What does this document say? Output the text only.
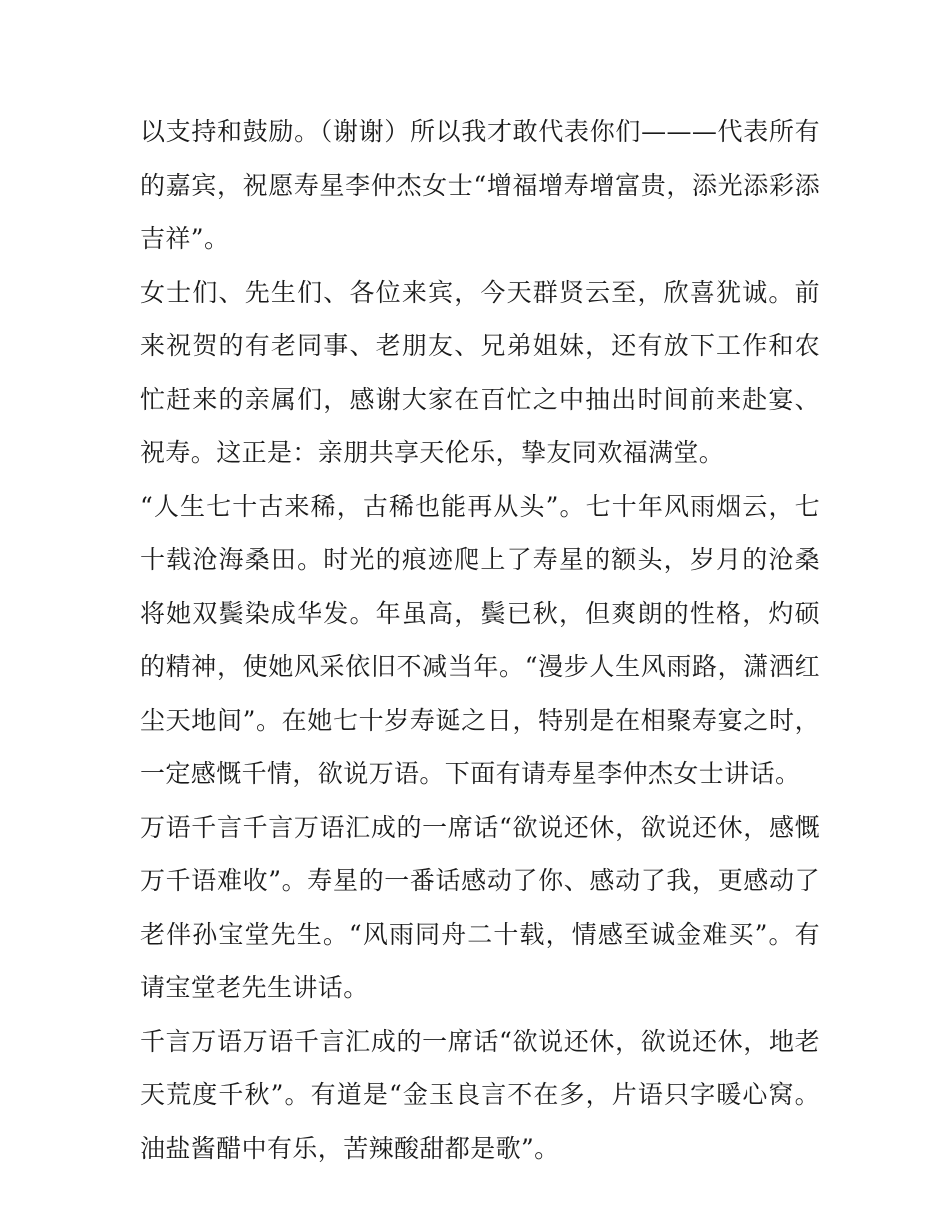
以支持和鼓励。（谢谢）所以我才敢代表你们———代表所有的嘉宾，祝愿寿星李仲杰女士“增福增寿增富贵，添光添彩添吉祥”。

女士们、先生们、各位来宾，今天群贤云至，欣喜犹诚。前来祝贺的有老同事、老朋友、兄弟姐妹，还有放下工作和农忙赶来的亲属们，感谢大家在百忙之中抽出时间前来赴宴、祝寿。这正是：亲朋共享天伦乐，挚友同欢福满堂。

“人生七十古来稀，古稀也能再从头”。七十年风雨烟云，七十载沧海桑田。时光的痕迹爬上了寿星的额头，岁月的沧桑将她双鬓染成华发。年虽高，鬓已秋，但爽朗的性格，灼硕的精神，使她风采依旧不减当年。“漫步人生风雨路，潇洒红尘天地间”。在她七十岁寿诞之日，特别是在相聚寿宴之时，一定感慨千情，欲说万语。下面有请寿星李仲杰女士讲话。

万语千言千言万语汇成的一席话“欲说还休，欲说还休，感慨万千语难收”。寿星的一番话感动了你、感动了我，更感动了老伴孙宝堂先生。“风雨同舟二十载，情感至诚金难买”。有请宝堂老先生讲话。

千言万语万语千言汇成的一席话“欲说还休，欲说还休，地老天荒度千秋”。有道是“金玉良言不在多，片语只字暖心窝。油盐酱醋中有乐，苦辣酸甜都是歌”。
